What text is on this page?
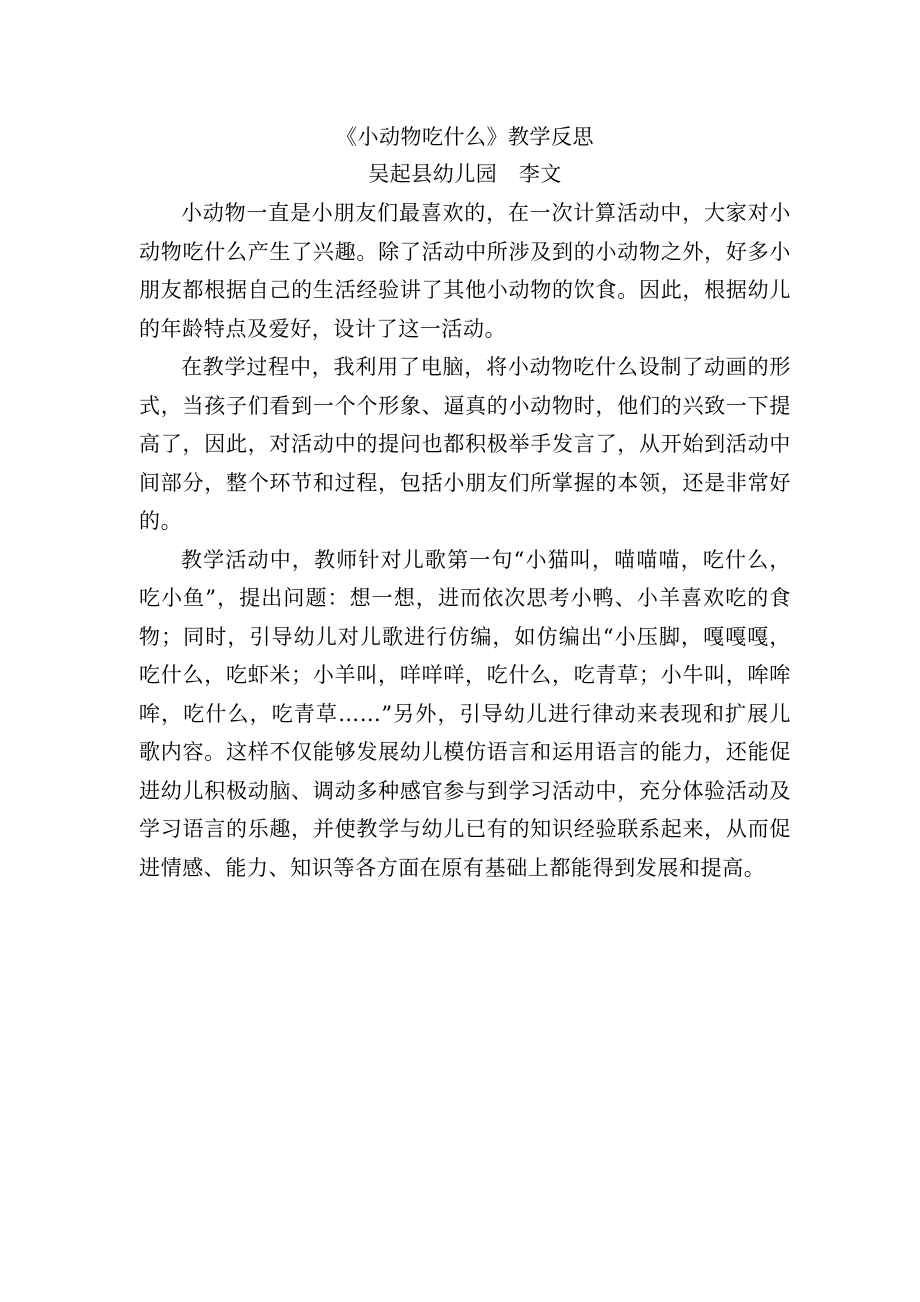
《小动物吃什么》教学反思

吴起县幼儿园　李文

小动物一直是小朋友们最喜欢的，在一次计算活动中，大家对小动物吃什么产生了兴趣。除了活动中所涉及到的小动物之外，好多小朋友都根据自己的生活经验讲了其他小动物的饮食。因此，根据幼儿的年龄特点及爱好，设计了这一活动。

在教学过程中，我利用了电脑，将小动物吃什么设制了动画的形式，当孩子们看到一个个形象、逼真的小动物时，他们的兴致一下提高了，因此，对活动中的提问也都积极举手发言了，从开始到活动中间部分，整个环节和过程，包括小朋友们所掌握的本领，还是非常好的。

教学活动中，教师针对儿歌第一句“小猫叫，喵喵喵，吃什么，吃小鱼”，提出问题：想一想，进而依次思考小鸭、小羊喜欢吃的食物；同时，引导幼儿对儿歌进行仿编，如仿编出“小压脚，嘎嘎嘎，吃什么，吃虾米；小羊叫，咩咩咩，吃什么，吃青草；小牛叫，哞哞哞，吃什么，吃青草……”另外，引导幼儿进行律动来表现和扩展儿歌内容。这样不仅能够发展幼儿模仿语言和运用语言的能力，还能促进幼儿积极动脑、调动多种感官参与到学习活动中，充分体验活动及学习语言的乐趣，并使教学与幼儿已有的知识经验联系起来，从而促进情感、能力、知识等各方面在原有基础上都能得到发展和提高。
